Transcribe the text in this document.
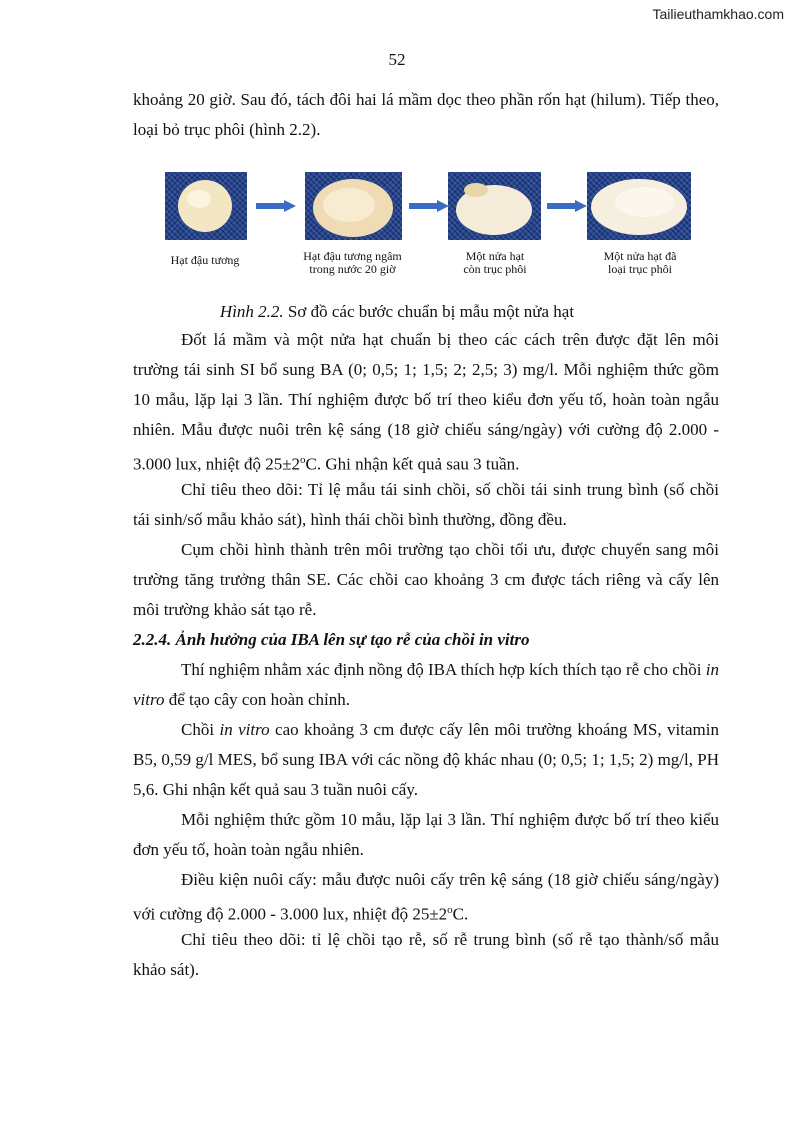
Tailieuthamkhao.com
52

khoảng 20 giờ. Sau đó, tách đôi hai lá mầm dọc theo phần rốn hạt (hilum). Tiếp theo, loại bỏ trục phôi (hình 2.2).

Hạt đậu tương	Hạt đậu tương ngâm
trong nước 20 giờ
Một nửa hạt
còn trục phôi
Một nửa hạt đã
loại trục phôi
Hình 2.2. Sơ đồ các bước chuẩn bị mẫu một nửa hạt

Đốt lá mầm và một nửa hạt chuẩn bị theo các cách trên được đặt lên môi trường tái sinh SI bổ sung BA (0; 0,5; 1; 1,5; 2; 2,5; 3) mg/l. Mỗi nghiệm thức gồm 10 mẫu, lặp lại 3 lần. Thí nghiệm được bố trí theo kiểu đơn yếu tố, hoàn toàn ngẫu nhiên. Mẫu được nuôi trên kệ sáng (18 giờ chiếu sáng/ngày) với cường độ 2.000 - 3.000 lux, nhiệt độ $25\pm 2^oC$. Ghi nhận kết quả sau 3 tuần.

Chỉ tiêu theo dõi: Tỉ lệ mẫu tái sinh chồi, số chồi tái sinh trung bình (số chồi tái sinh/số mẫu khảo sát), hình thái chồi bình thường, đồng đều.

Cụm chồi hình thành trên môi trường tạo chồi tối ưu, được chuyển sang môi trường tăng trưởng thân SE. Các chồi cao khoảng 3 cm được tách riêng và cấy lên môi trường khảo sát tạo rễ.

2.2.4. Ảnh hưởng của IBA lên sự tạo rễ của chồi in vitro

Thí nghiệm nhằm xác định nồng độ IBA thích hợp kích thích tạo rễ cho chồi in vitro để tạo cây con hoàn chỉnh.

Chồi in vitro cao khoảng 3 cm được cấy lên môi trường khoáng MS, vitamin B5, 0,59 g/l MES, bổ sung IBA với các nồng độ khác nhau (0; 0,5; 1; 1,5; 2) mg/l, PH 5,6. Ghi nhận kết quả sau 3 tuần nuôi cấy.

Mỗi nghiệm thức gồm 10 mẫu, lặp lại 3 lần. Thí nghiệm được bố trí theo kiểu đơn yếu tố, hoàn toàn ngẫu nhiên.

Điều kiện nuôi cấy: mẫu được nuôi cấy trên kệ sáng (18 giờ chiếu sáng/ngày) với cường độ 2.000 - 3.000 lux, nhiệt độ $25\pm 2^oC$.

Chỉ tiêu theo dõi: tỉ lệ chồi tạo rễ, số rễ trung bình (số rễ tạo thành/số mẫu khảo sát).
